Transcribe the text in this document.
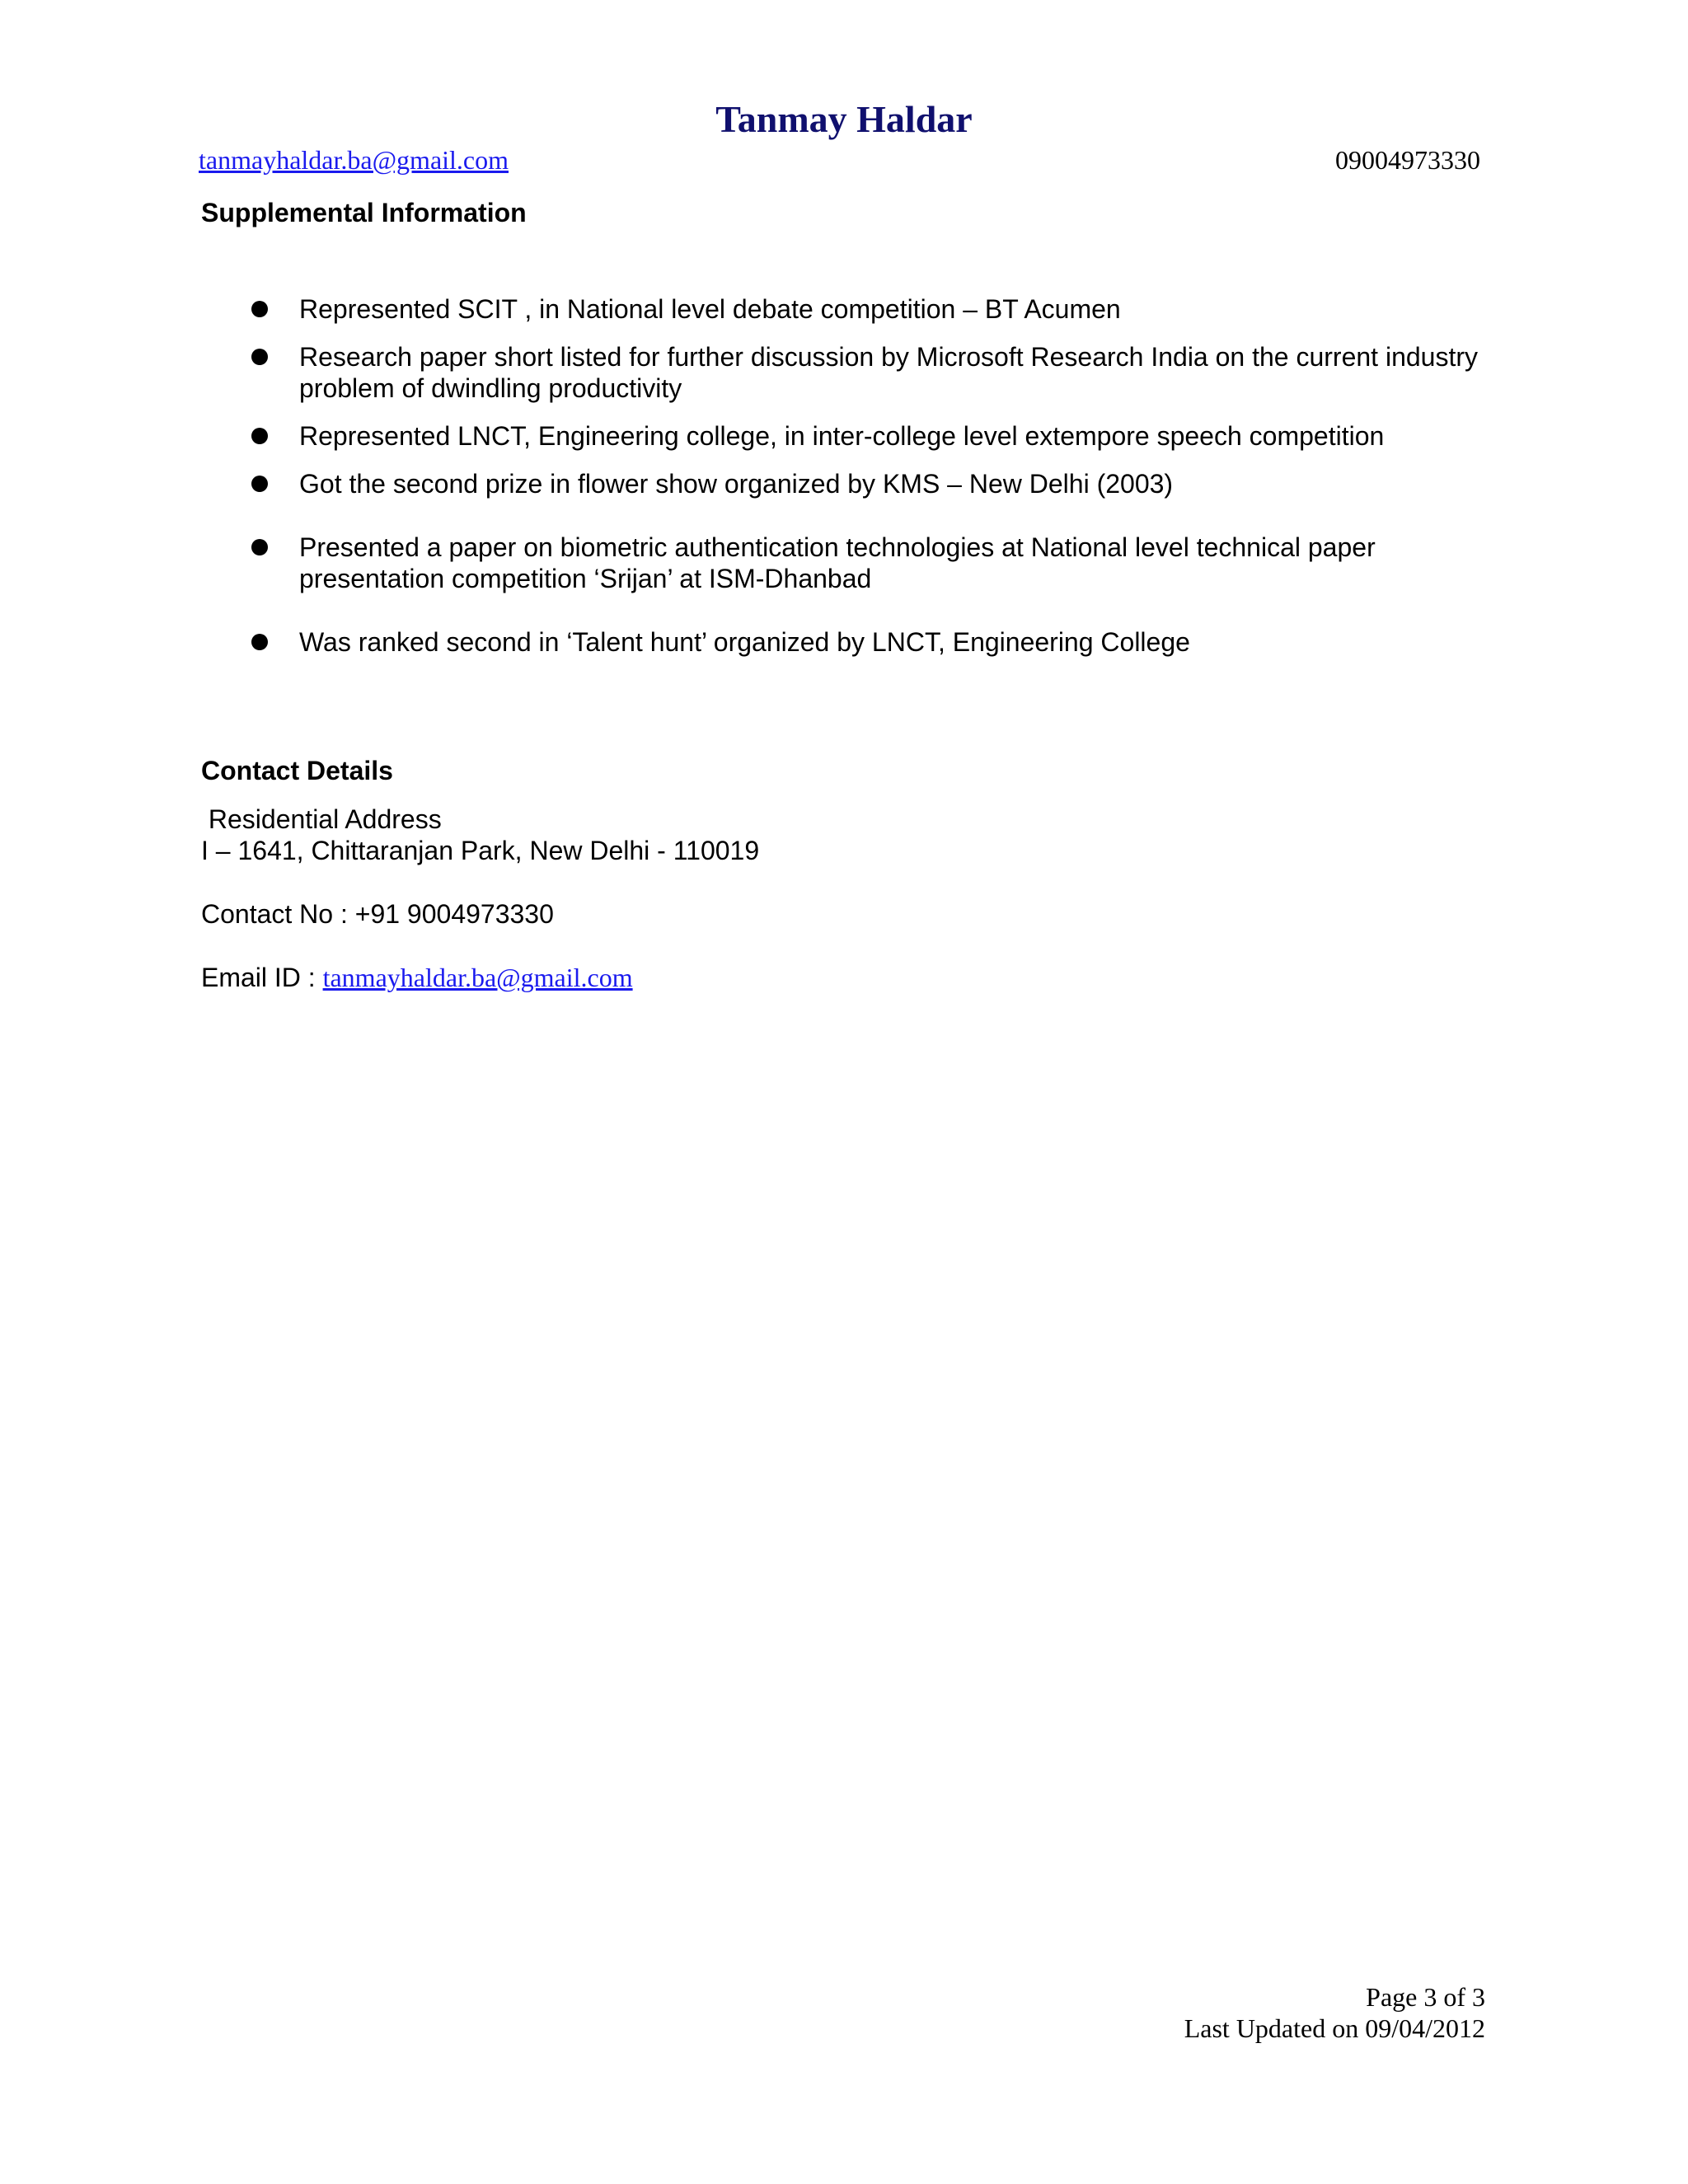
Tanmay Haldar
tanmayhaldar.ba@gmail.com	09004973330
Supplemental Information
Represented SCIT , in National level debate competition – BT Acumen
Research paper short listed for further discussion by Microsoft Research India on the current industry problem of dwindling productivity
Represented LNCT, Engineering college, in inter-college level extempore speech competition
Got the second prize in flower show organized by KMS – New Delhi (2003)
Presented a paper on biometric authentication technologies at National level technical paper presentation competition ‘Srijan’ at ISM-Dhanbad
Was ranked second in ‘Talent hunt’ organized by LNCT, Engineering College
Contact Details
Residential Address
I – 1641, Chittaranjan Park, New Delhi - 110019
Contact No : +91 9004973330
Email ID : tanmayhaldar.ba@gmail.com
Page 3 of 3
Last Updated on 09/04/2012
